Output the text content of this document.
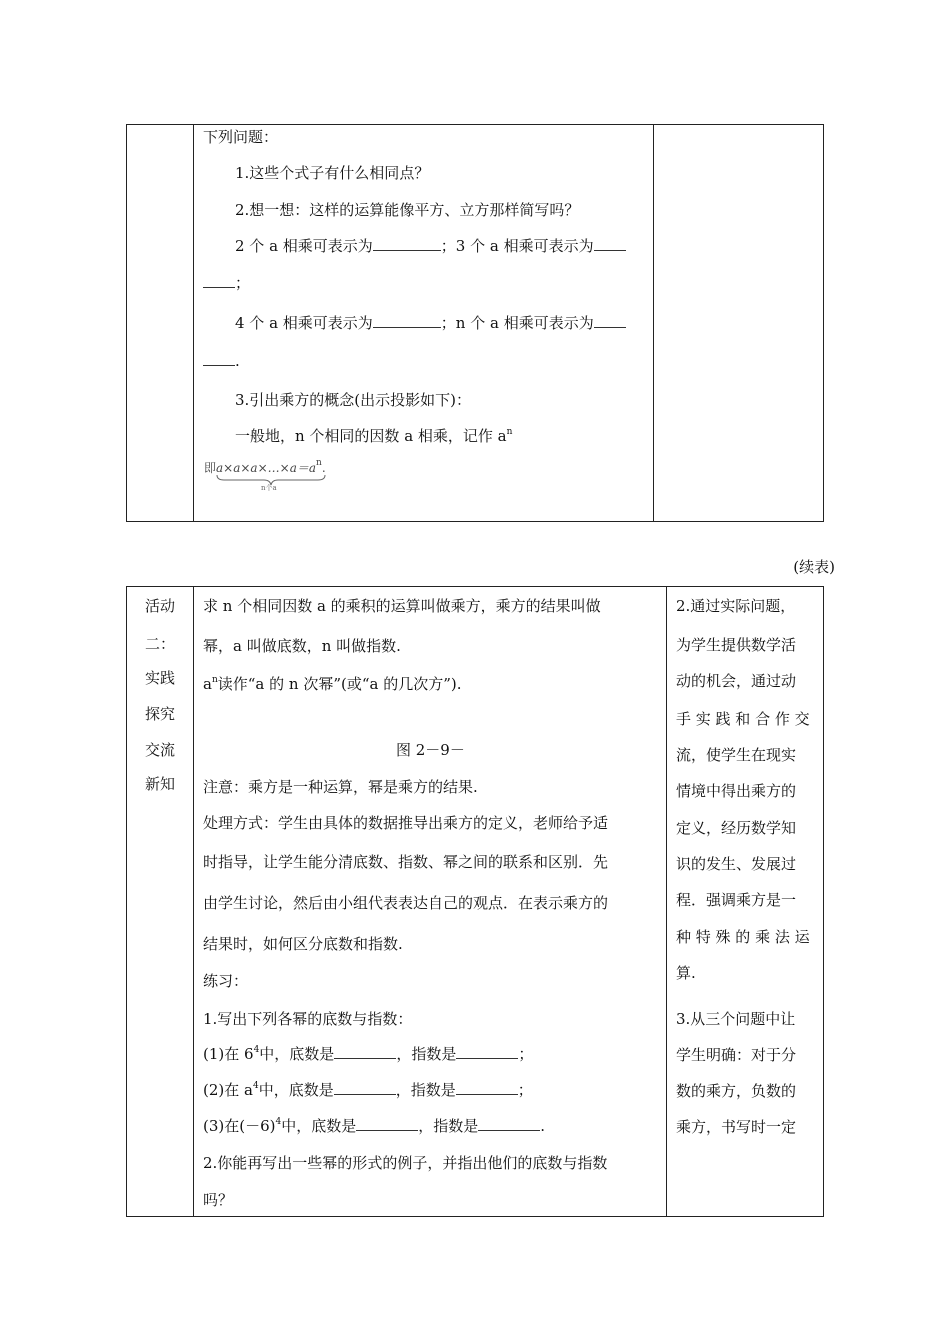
下列问题：
1.这些个式子有什么相同点？
2.想一想：这样的运算能像平方、立方那样简写吗？
2 个 a 相乘可表示为	；3 个 a 相乘可表示为
；
4 个 a 相乘可表示为	；n 个 a 相乘可表示为
.
3.引出乘方的概念(出示投影如下)：
一般地，n 个相同的因数 a 相乘，记作 $a^n$
即$a\times a\times a\times\dots\times a=a^n$.
n个a
(续表)
活动
二：
实践
探究
交流
新知
求 n 个相同因数 a 的乘积的运算叫做乘方，乘方的结果叫做
幂，a 叫做底数，n 叫做指数.
$a^n$读作“a 的 n 次幂”(或“a 的几次方”).
图 2－9－
注意：乘方是一种运算，幂是乘方的结果.
处理方式：学生由具体的数据推导出乘方的定义，老师给予适
时指导，让学生能分清底数、指数、幂之间的联系和区别．先
由学生讨论，然后由小组代表表达自己的观点．在表示乘方的
结果时，如何区分底数和指数.
练习：
1.写出下列各幂的底数与指数：
(1)在 $6^4$中，底数是	，指数是	；
(2)在 $a^4$中，底数是	，指数是	；
(3)在$(-6)^4$中，底数是	，指数是	.
2.你能再写出一些幂的形式的例子，并指出他们的底数与指数
吗？
2.通过实际问题，
为学生提供数学活
动的机会，通过动
手 实 践 和 合 作 交
流，使学生在现实
情境中得出乘方的
定义，经历数学知
识的发生、发展过
程．强调乘方是一
种 特 殊 的 乘 法 运
算.
3.从三个问题中让
学生明确：对于分
数的乘方，负数的
乘方，书写时一定
